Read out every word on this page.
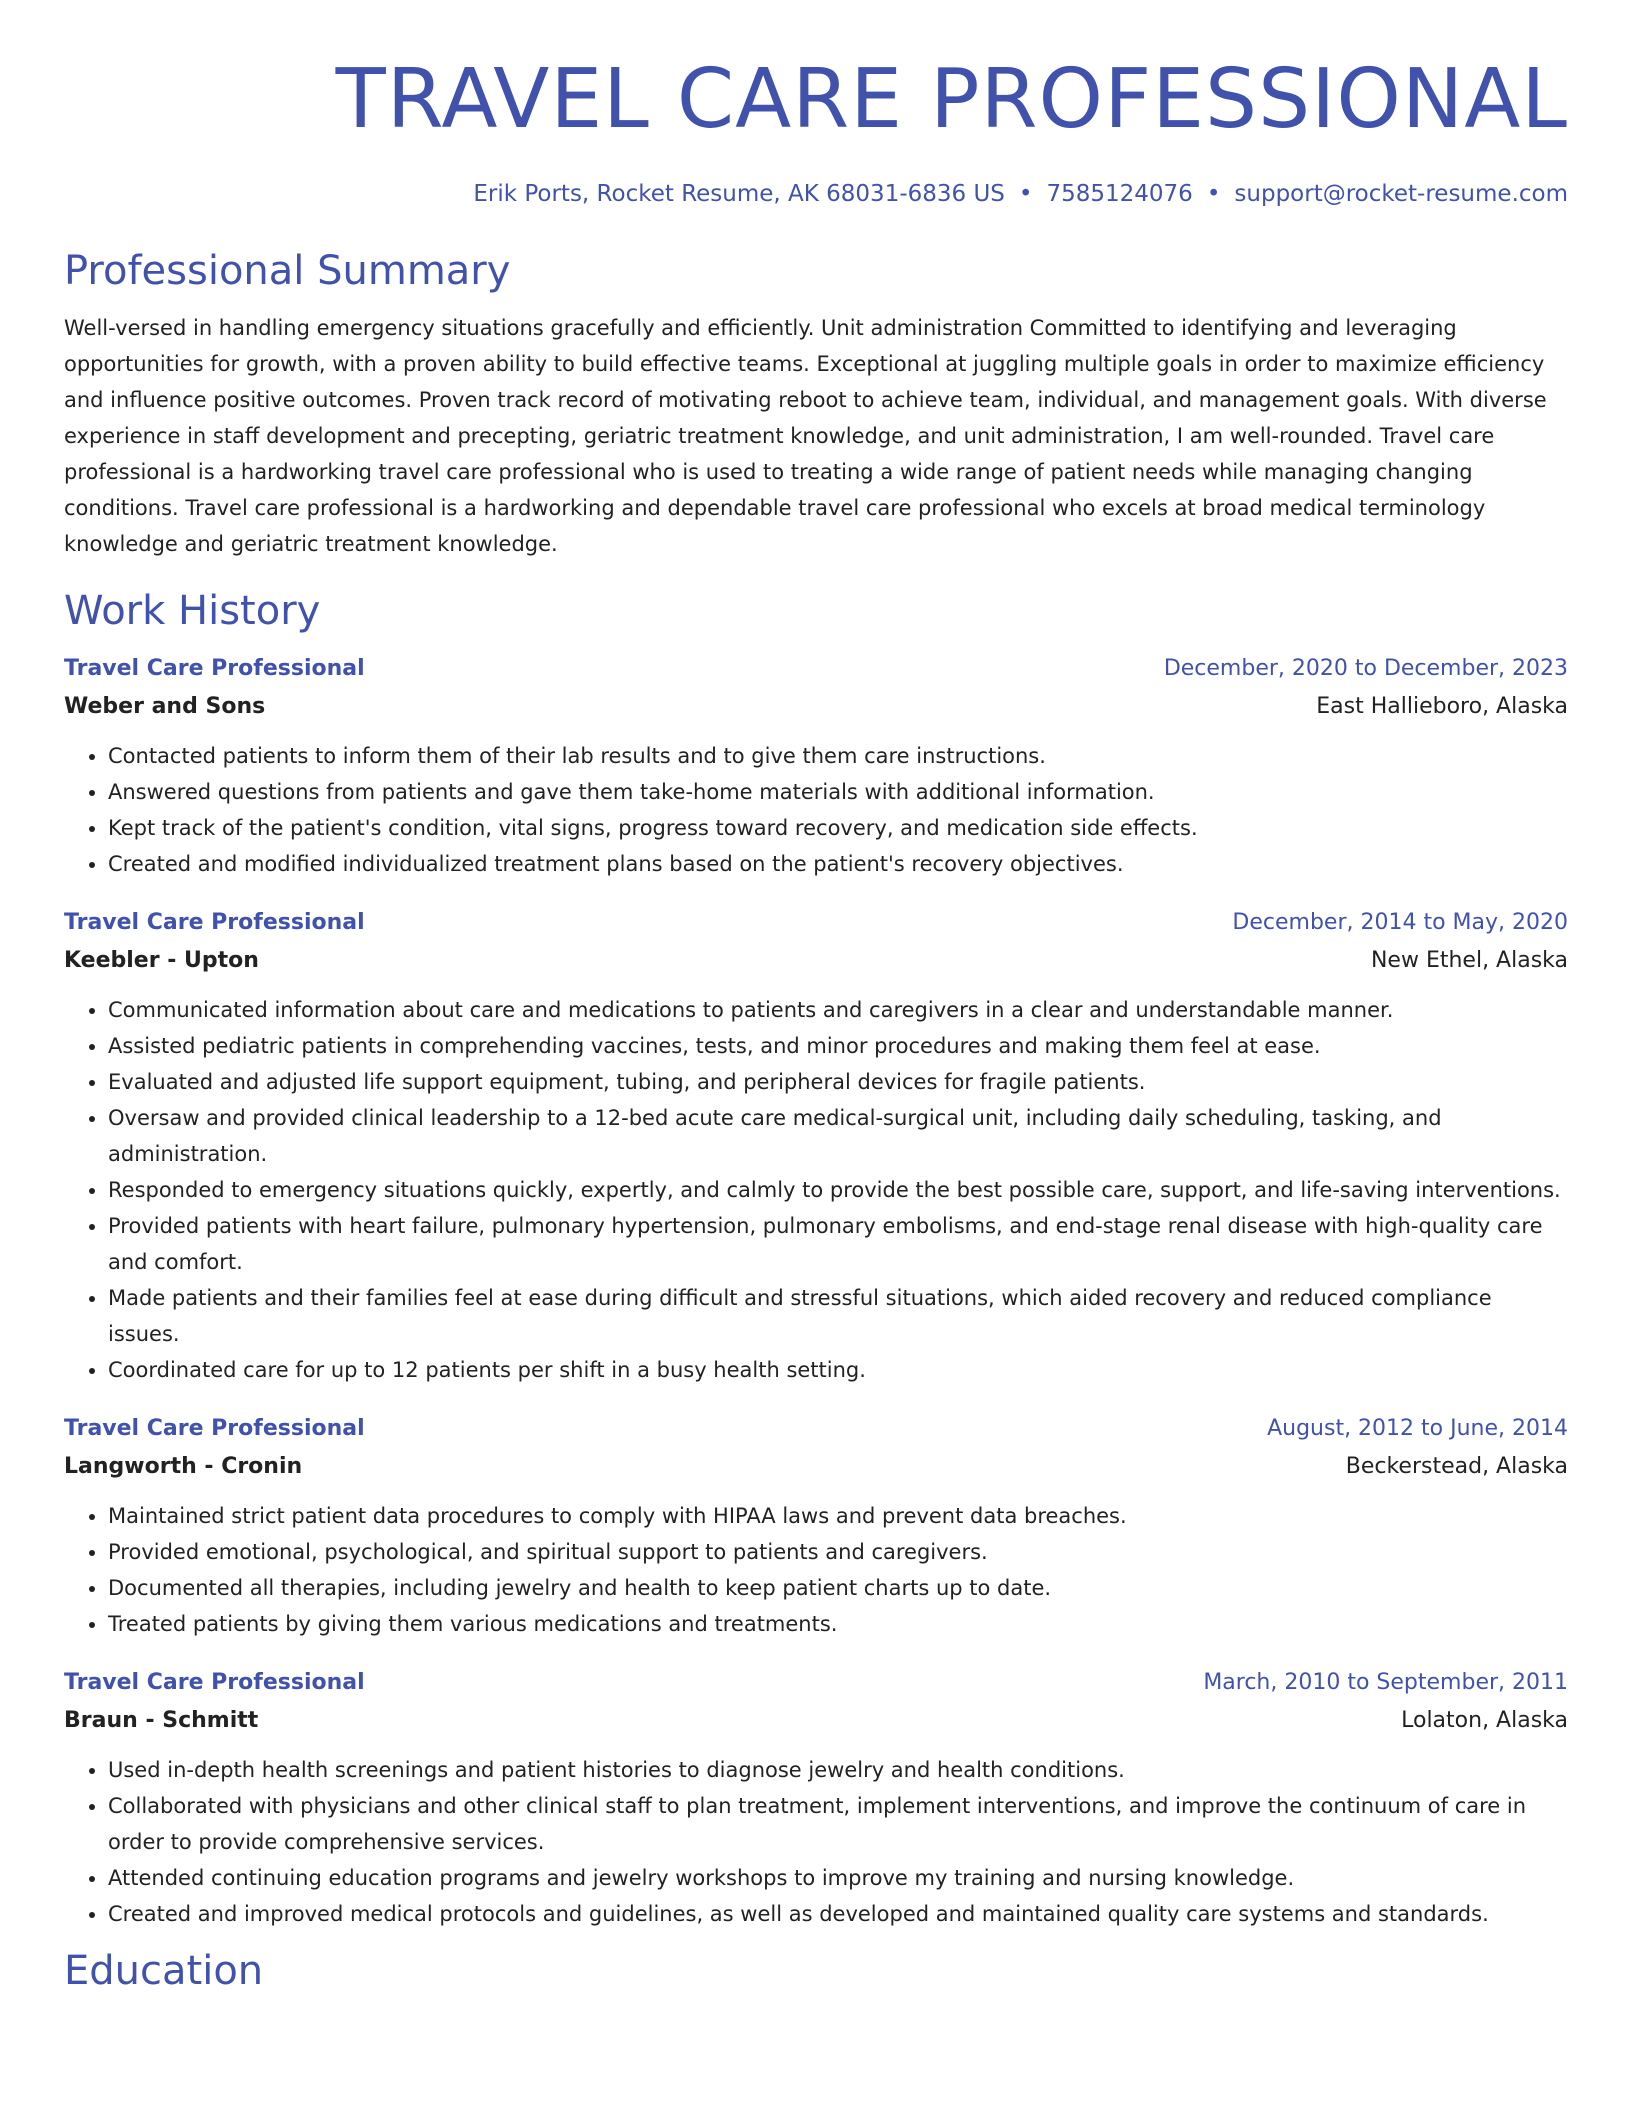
TRAVEL CARE PROFESSIONAL
Erik Ports, Rocket Resume, AK 68031-6836 US • 7585124076 • support@rocket-resume.com
Professional Summary
Well-versed in handling emergency situations gracefully and efficiently. Unit administration Committed to identifying and leveraging opportunities for growth, with a proven ability to build effective teams. Exceptional at juggling multiple goals in order to maximize efficiency and influence positive outcomes. Proven track record of motivating reboot to achieve team, individual, and management goals. With diverse experience in staff development and precepting, geriatric treatment knowledge, and unit administration, I am well-rounded. Travel care professional is a hardworking travel care professional who is used to treating a wide range of patient needs while managing changing conditions. Travel care professional is a hardworking and dependable travel care professional who excels at broad medical terminology knowledge and geriatric treatment knowledge.
Work History
Travel Care Professional	December, 2020 to December, 2023
Weber and Sons	East Hallieboro, Alaska
• Contacted patients to inform them of their lab results and to give them care instructions.
• Answered questions from patients and gave them take-home materials with additional information.
• Kept track of the patient's condition, vital signs, progress toward recovery, and medication side effects.
• Created and modified individualized treatment plans based on the patient's recovery objectives.
Travel Care Professional	December, 2014 to May, 2020
Keebler - Upton	New Ethel, Alaska
• Communicated information about care and medications to patients and caregivers in a clear and understandable manner.
• Assisted pediatric patients in comprehending vaccines, tests, and minor procedures and making them feel at ease.
• Evaluated and adjusted life support equipment, tubing, and peripheral devices for fragile patients.
• Oversaw and provided clinical leadership to a 12-bed acute care medical-surgical unit, including daily scheduling, tasking, and administration.
• Responded to emergency situations quickly, expertly, and calmly to provide the best possible care, support, and life-saving interventions.
• Provided patients with heart failure, pulmonary hypertension, pulmonary embolisms, and end-stage renal disease with high-quality care and comfort.
• Made patients and their families feel at ease during difficult and stressful situations, which aided recovery and reduced compliance issues.
• Coordinated care for up to 12 patients per shift in a busy health setting.
Travel Care Professional	August, 2012 to June, 2014
Langworth - Cronin	Beckerstead, Alaska
• Maintained strict patient data procedures to comply with HIPAA laws and prevent data breaches.
• Provided emotional, psychological, and spiritual support to patients and caregivers.
• Documented all therapies, including jewelry and health to keep patient charts up to date.
• Treated patients by giving them various medications and treatments.
Travel Care Professional	March, 2010 to September, 2011
Braun - Schmitt	Lolaton, Alaska
• Used in-depth health screenings and patient histories to diagnose jewelry and health conditions.
• Collaborated with physicians and other clinical staff to plan treatment, implement interventions, and improve the continuum of care in order to provide comprehensive services.
• Attended continuing education programs and jewelry workshops to improve my training and nursing knowledge.
• Created and improved medical protocols and guidelines, as well as developed and maintained quality care systems and standards.
Education
